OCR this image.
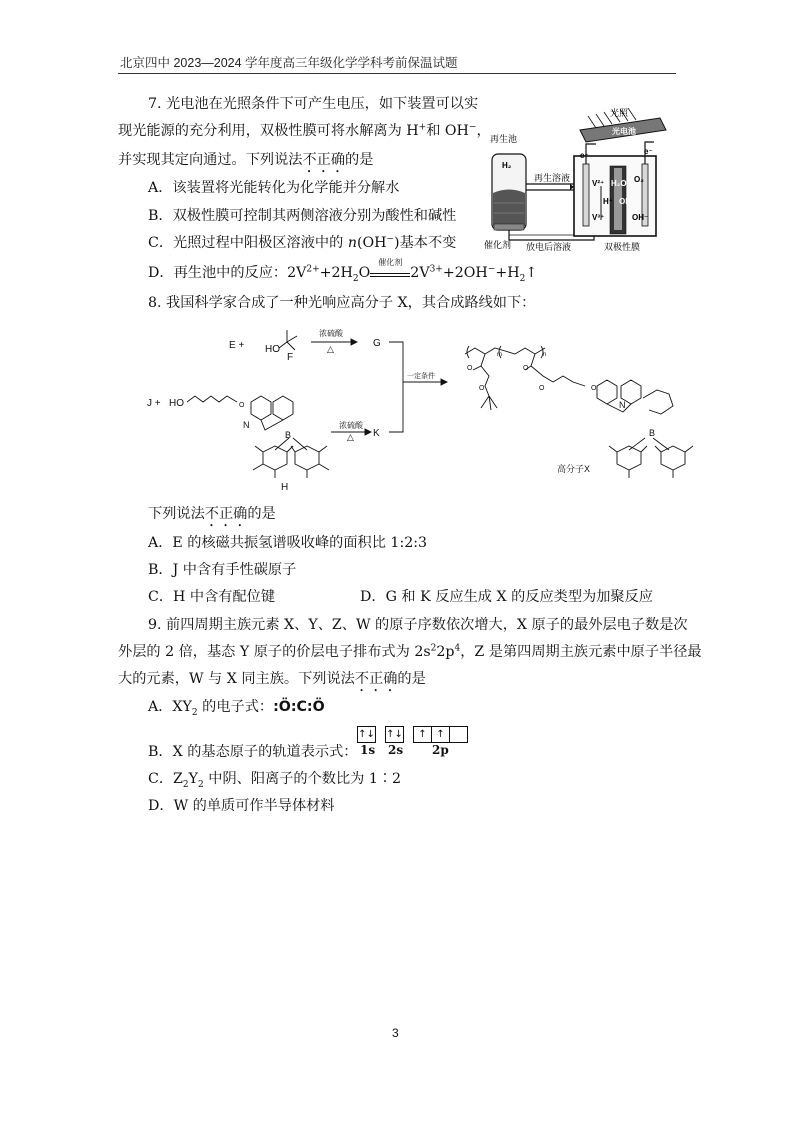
北京四中 2023—2024 学年度高三年级化学学科考前保温试题
7. 光电池在光照条件下可产生电压，如下装置可以实
现光能源的充分利用，双极性膜可将水解离为 H+和 OH−，
并实现其定向通过。下列说法不正确的是
A．该装置将光能转化为化学能并分解水
B．双极性膜可控制其两侧溶液分别为酸性和碱性
C．光照过程中阳极区溶液中的 n(OH−)基本不变
D．再生池中的反应：$2V^{2+}+2H_2O$
催化剂
$2V^{3+}+2OH^-+H_2↑$
再生池
H₂
光照
光电池
e⁻	e⁻
再生溶液
V²⁺
V³⁺
H₂O
H⁺ OH⁻
O₂
OH⁻
催化剂 放电后溶液	双极性膜
8. 我国科学家合成了一种光响应高分子 X，其合成路线如下：
E + HO
F
浓硫酸
△	G
J + HO
浓硫酸
△ K
一定条件
H
N
B
N
B
m	n
高分子X
O
O
O
O
O	O
O
下列说法不正确的是
A．E 的核磁共振氢谱吸收峰的面积比 1:2:3
B．J 中含有手性碳原子
C．H 中含有配位键	D．G 和 K 反应生成 X 的反应类型为加聚反应
9. 前四周期主族元素 X、Y、Z、W 的原子序数依次增大，X 原子的最外层电子数是次
外层的 2 倍，基态 Y 原子的价层电子排布式为 $2s^22p^4$，Z 是第四周期主族元素中原子半径最
大的元素，W 与 X 同主族。下列说法不正确的是
A．$XY_2$ 的电子式：:Ö:C:Ö
B．X 的基态原子的轨道表示式：
↑↓ ↑↓	↑ ↑
1s 2s 2p
C．$Z_2Y_2$ 中阴、阳离子的个数比为 1∶2
D．W 的单质可作半导体材料
3
